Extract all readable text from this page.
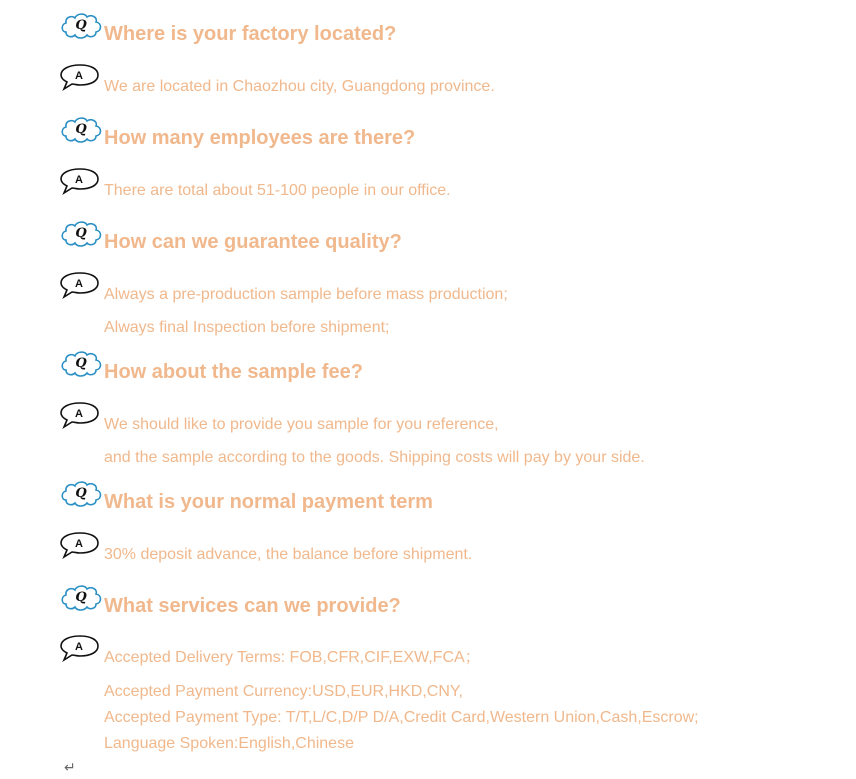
Q Where is your factory located?
A
We are located in Chaozhou city, Guangdong province.
Q How many employees are there?
A
There are total about 51-100 people in our office.
Q How can we guarantee quality?
A
Always a pre-production sample before mass production;
Always final Inspection before shipment;
Q How about the sample fee?
A
We should like to provide you sample for you reference,
and the sample according to the goods. Shipping costs will pay by your side.
Q What is your normal payment term
A
30% deposit advance, the balance before shipment.
Q What services can we provide?
A
Accepted Delivery Terms: FOB,CFR,CIF,EXW,FCA；
Accepted Payment Currency:USD,EUR,HKD,CNY,
Accepted Payment Type: T/T,L/C,D/P D/A,Credit Card,Western Union,Cash,Escrow;
Language Spoken:English,Chinese
↵
